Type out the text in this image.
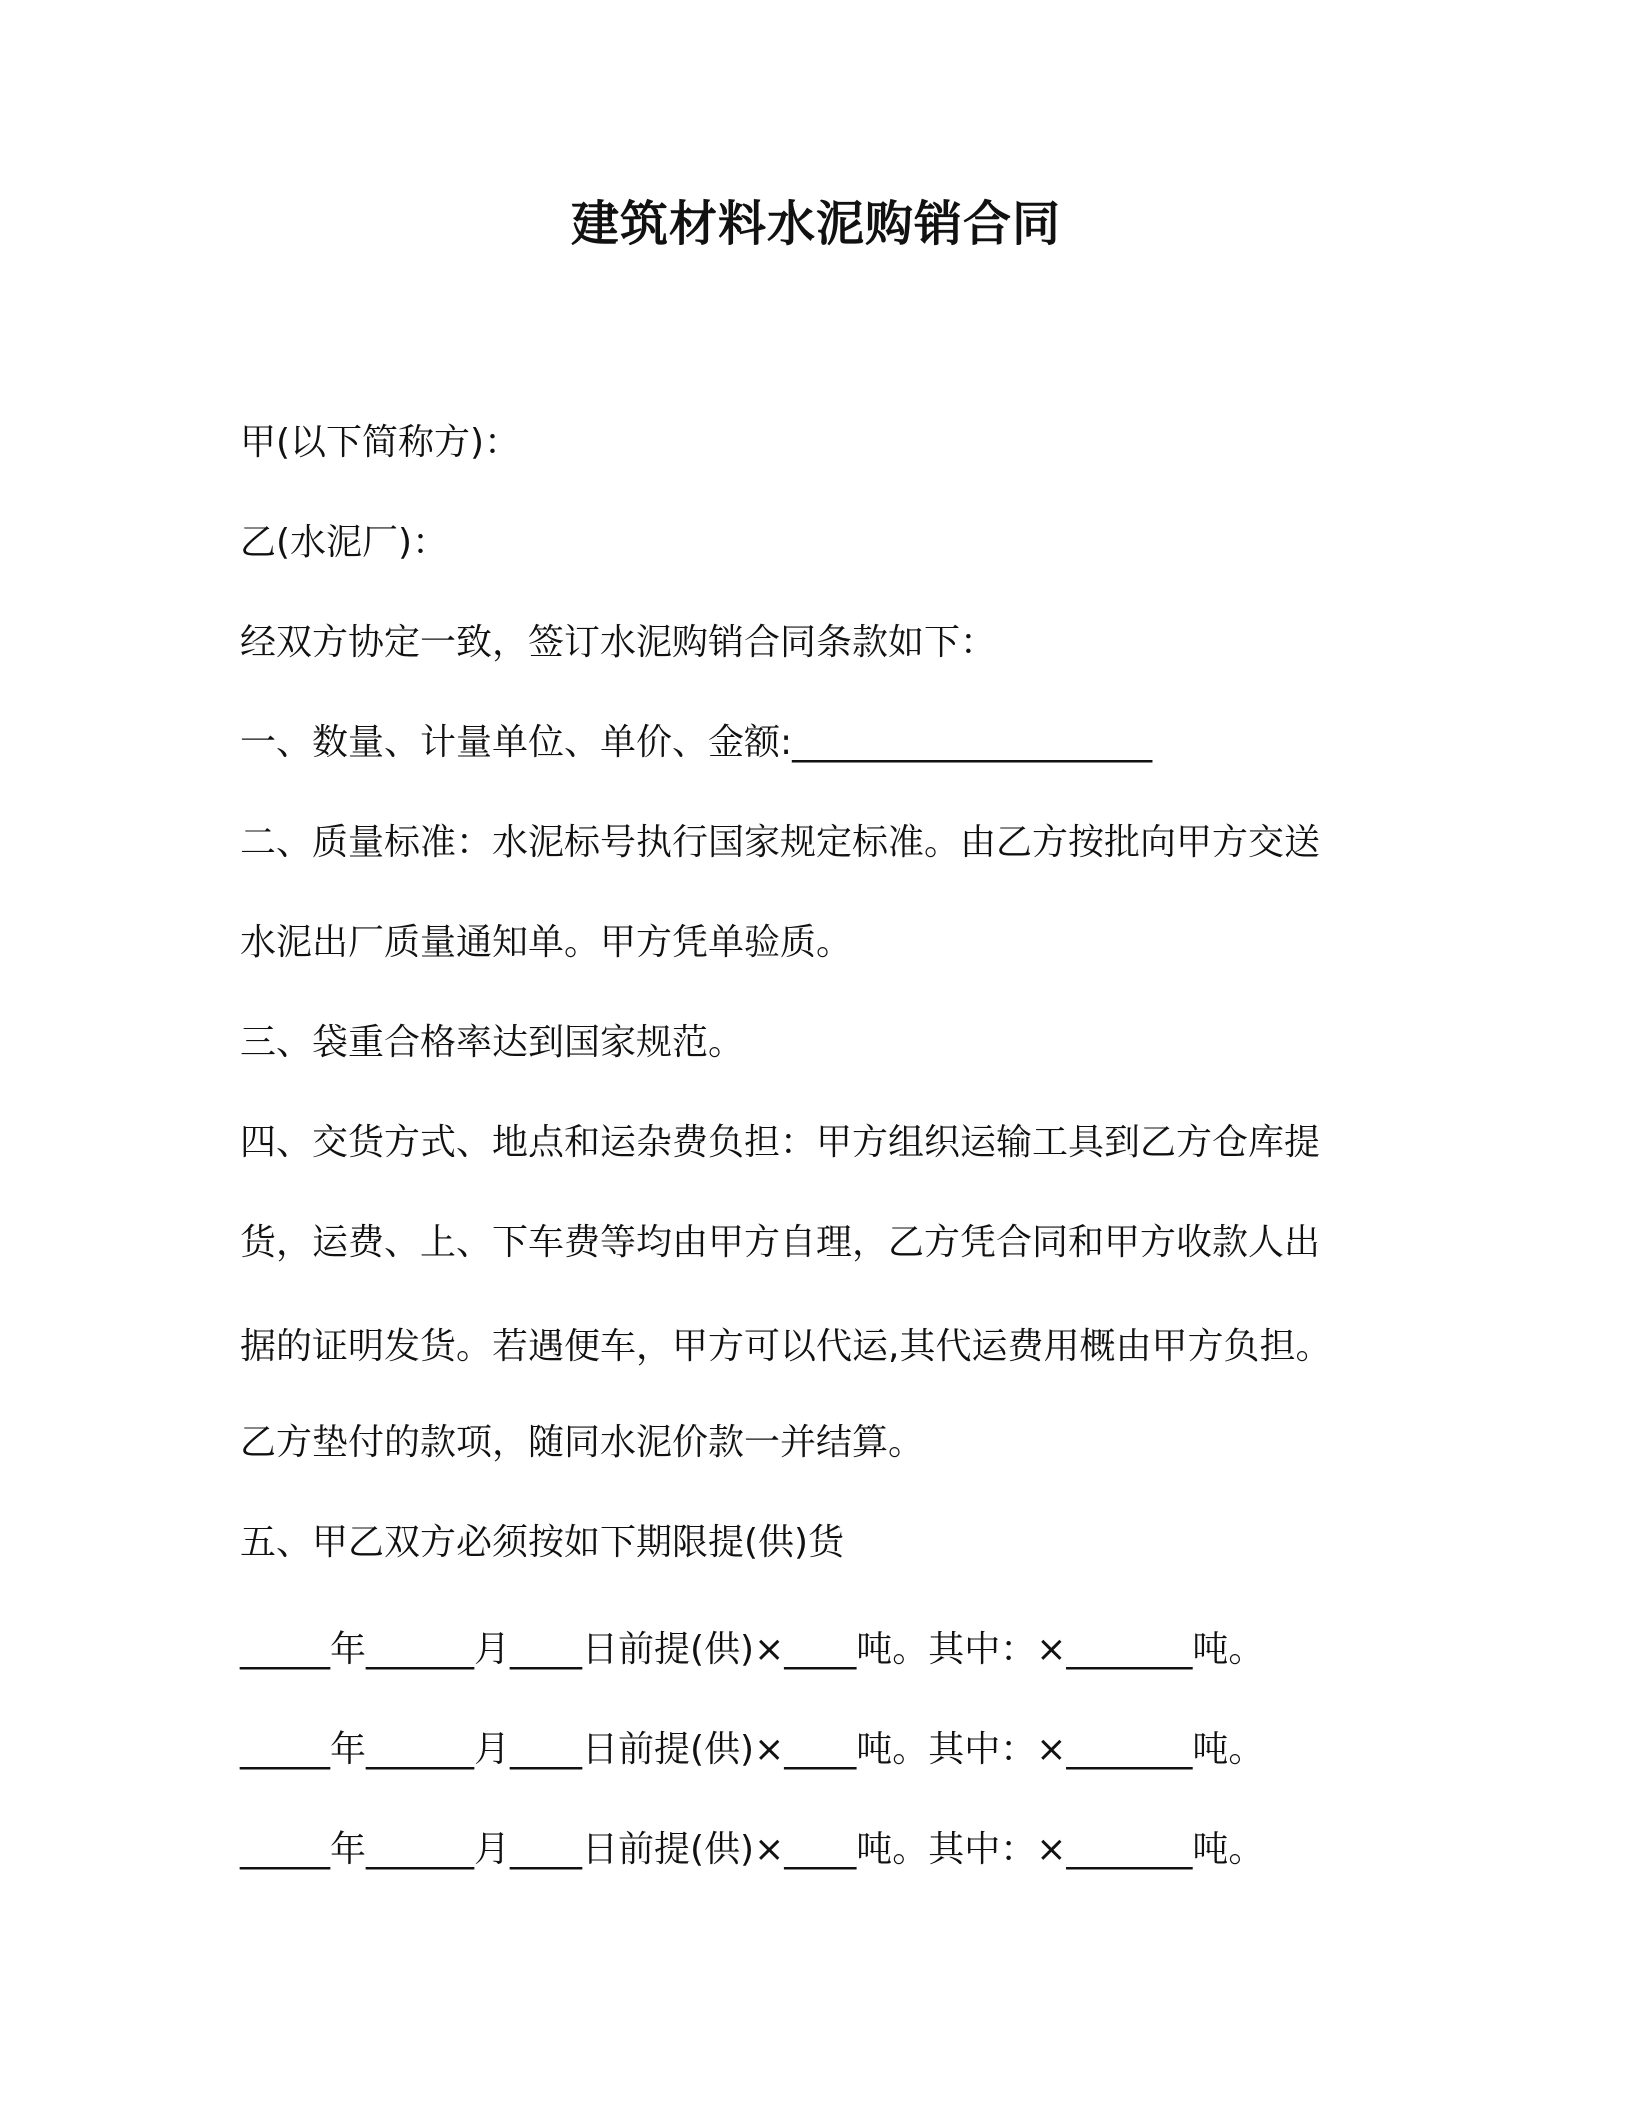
建筑材料水泥购销合同
甲(以下简称方)：
乙(水泥厂)：
经双方协定一致，签订水泥购销合同条款如下：
一、数量、计量单位、单价、金额:____________________
二、质量标准：水泥标号执行国家规定标准。由乙方按批向甲方交送
水泥出厂质量通知单。甲方凭单验质。
三、袋重合格率达到国家规范。
四、交货方式、地点和运杂费负担：甲方组织运输工具到乙方仓库提
货，运费、上、下车费等均由甲方自理，乙方凭合同和甲方收款人出
据的证明发货。若遇便车，甲方可以代运,其代运费用概由甲方负担。
乙方垫付的款项，随同水泥价款一并结算。
五、甲乙双方必须按如下期限提(供)货
_____年______月____日前提(供)×____吨。其中：×_______吨。
_____年______月____日前提(供)×____吨。其中：×_______吨。
_____年______月____日前提(供)×____吨。其中：×_______吨。
